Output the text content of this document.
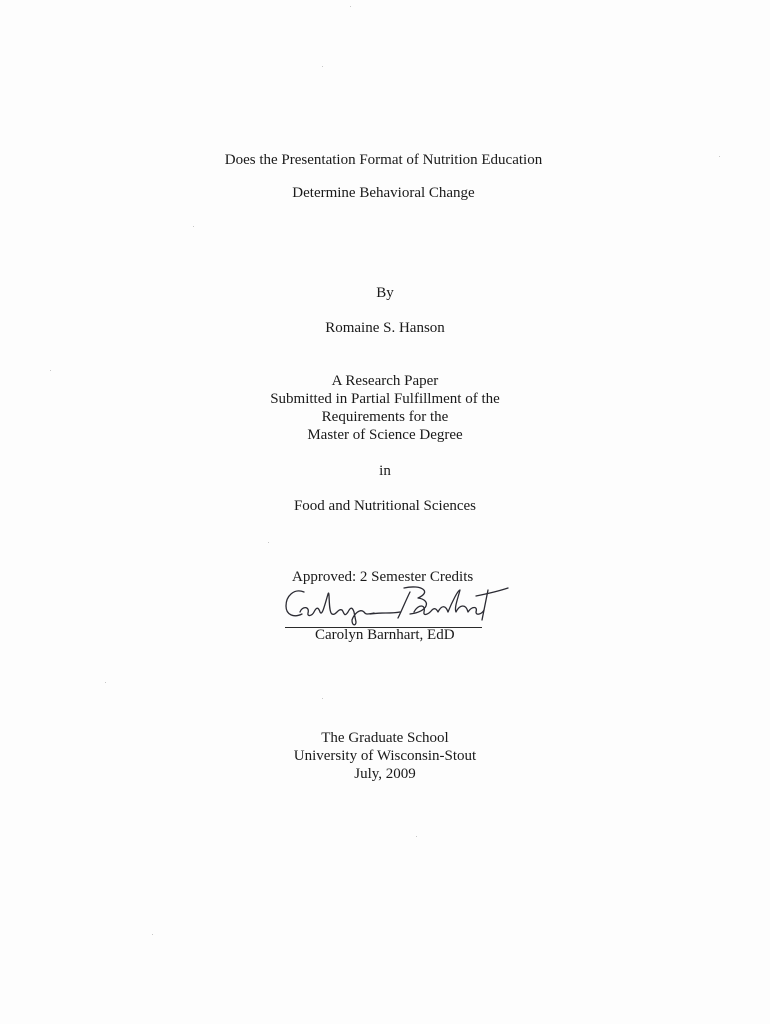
Does the Presentation Format of Nutrition Education
Determine Behavioral Change
By
Romaine S. Hanson
A Research Paper
Submitted in Partial Fulfillment of the
Requirements for the
Master of Science Degree
in
Food and Nutritional Sciences
Approved: 2 Semester Credits
Carolyn Barnhart, EdD
The Graduate School
University of Wisconsin-Stout
July, 2009
